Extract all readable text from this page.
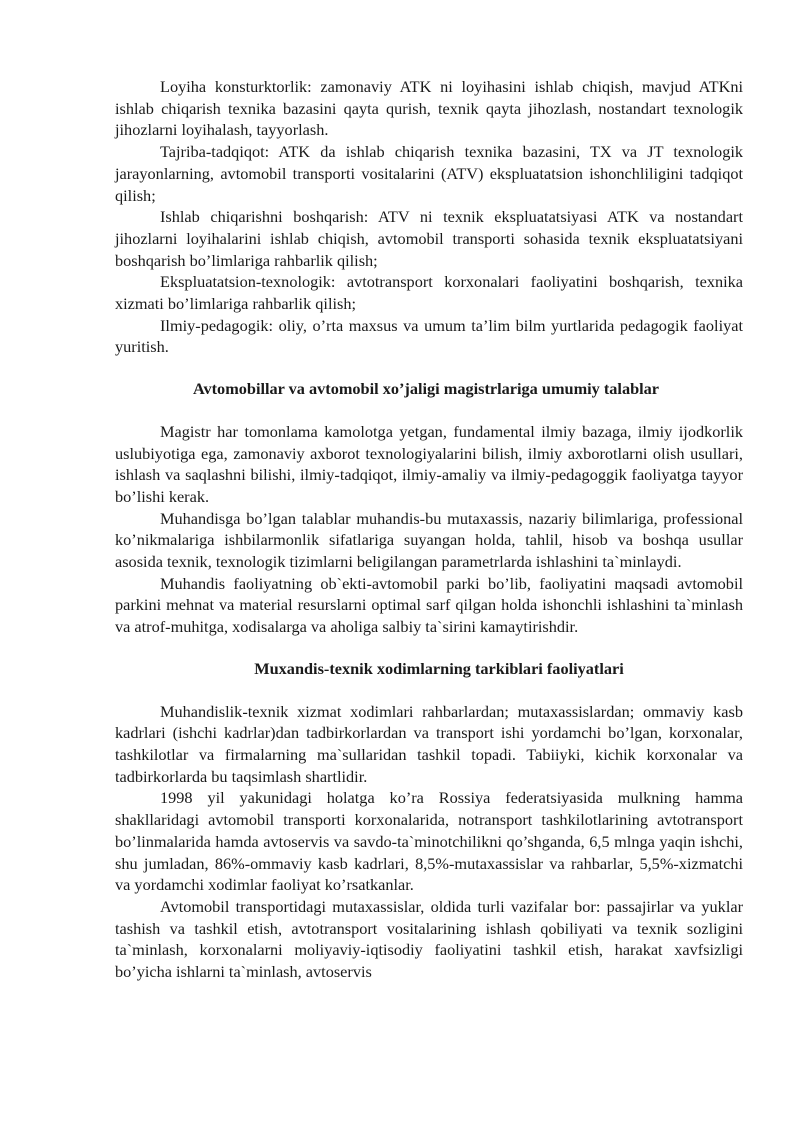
Loyiha konsturktorlik: zamonaviy ATK ni loyihasini ishlab chiqish, mavjud ATKni ishlab chiqarish texnika bazasini qayta qurish, texnik qayta jihozlash, nostandart texnologik jihozlarni loyihalash, tayyorlash.

Tajriba-tadqiqot: ATK da ishlab chiqarish texnika bazasini, TX va JT texnologik jarayonlarning, avtomobil transporti vositalarini (ATV) ekspluatatsion ishonchliligini tadqiqot qilish;

Ishlab chiqarishni boshqarish: ATV ni texnik ekspluatatsiyasi ATK va nostandart jihozlarni loyihalarini ishlab chiqish, avtomobil transporti sohasida texnik ekspluatatsiyani boshqarish bo’limlariga rahbarlik qilish;

Ekspluatatsion-texnologik: avtotransport korxonalari faoliyatini boshqarish, texnika xizmati bo’limlariga rahbarlik qilish;

Ilmiy-pedagogik: oliy, o’rta maxsus va umum ta’lim bilm yurtlarida pedagogik faoliyat yuritish.

Avtomobillar va avtomobil xo’jaligi magistrlariga umumiy talablar

Magistr har tomonlama kamolotga yetgan, fundamental ilmiy bazaga, ilmiy ijodkorlik uslubiyotiga ega, zamonaviy axborot texnologiyalarini bilish, ilmiy axborotlarni olish usullari, ishlash va saqlashni bilishi, ilmiy-tadqiqot, ilmiy-amaliy va ilmiy-pedagoggik faoliyatga tayyor bo’lishi kerak.

Muhandisga bo’lgan talablar muhandis-bu mutaxassis, nazariy bilimlariga, professional ko’nikmalariga ishbilarmonlik sifatlariga suyangan holda, tahlil, hisob va boshqa usullar asosida texnik, texnologik tizimlarni beligilangan parametrlarda ishlashini ta`minlaydi.

Muhandis faoliyatning ob`ekti-avtomobil parki bo’lib, faoliyatini maqsadi avtomobil parkini mehnat va material resurslarni optimal sarf qilgan holda ishonchli ishlashini ta`minlash va atrof-muhitga, xodisalarga va aholiga salbiy ta`sirini kamaytirishdir.

Muxandis-texnik xodimlarning tarkiblari faoliyatlari

Muhandislik-texnik xizmat xodimlari rahbarlardan; mutaxassislardan; ommaviy kasb kadrlari (ishchi kadrlar)dan tadbirkorlardan va transport ishi yordamchi bo’lgan, korxonalar, tashkilotlar va firmalarning ma`sullaridan tashkil topadi. Tabiiyki, kichik korxonalar va tadbirkorlarda bu taqsimlash shartlidir.

1998 yil yakunidagi holatga ko’ra Rossiya federatsiyasida mulkning hamma shakllaridagi avtomobil transporti korxonalarida, notransport tashkilotlarining avtotransport bo’linmalarida hamda avtoservis va savdo-ta`minotchilikni qo’shganda, 6,5 mlnga yaqin ishchi, shu jumladan, 86%-ommaviy kasb kadrlari, 8,5%-mutaxassislar va rahbarlar, 5,5%-xizmatchi va yordamchi xodimlar faoliyat ko’rsatkanlar.

Avtomobil transportidagi mutaxassislar, oldida turli vazifalar bor: passajirlar va yuklar tashish va tashkil etish, avtotransport vositalarining ishlash qobiliyati va texnik sozligini ta`minlash, korxonalarni moliyaviy-iqtisodiy faoliyatini tashkil etish, harakat xavfsizligi bo’yicha ishlarni ta`minlash, avtoservis
